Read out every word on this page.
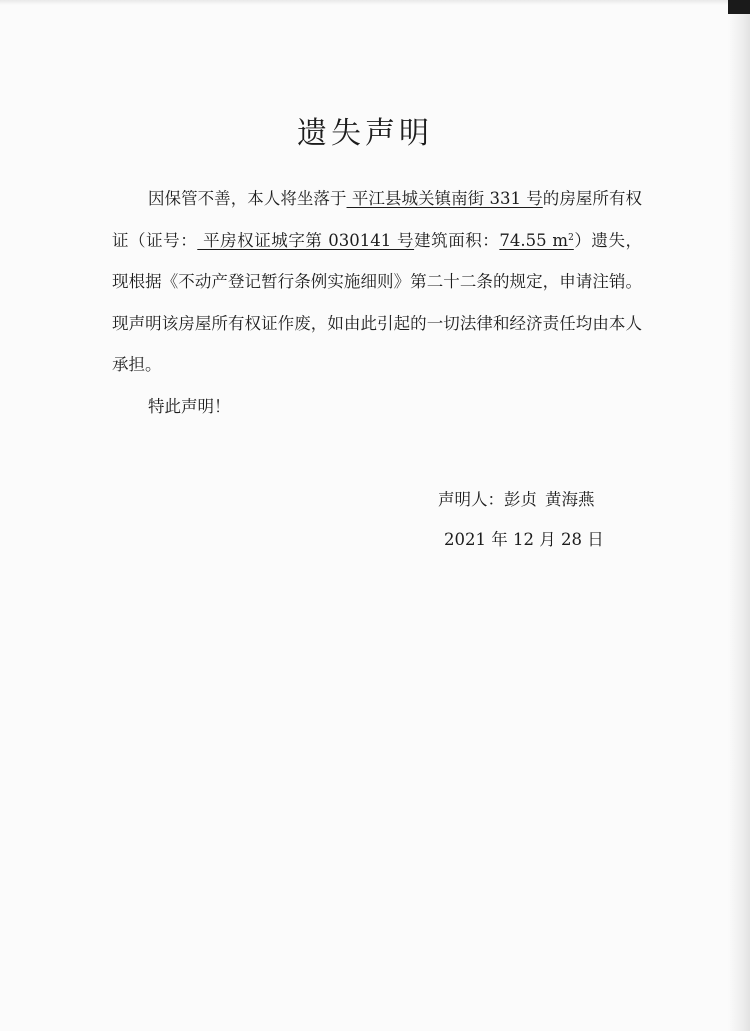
遗失声明

因保管不善，本人将坐落于 平江县城关镇南街 331 号的房屋所有权证（证号： 平房权证城字第 030141 号建筑面积：74.55 $m^2$）遗失，现根据《不动产登记暂行条例实施细则》第二十二条的规定，申请注销。现声明该房屋所有权证作废，如由此引起的一切法律和经济责任均由本人承担。

特此声明！

声明人：彭贞 黄海燕
2021 年 12 月 28 日
